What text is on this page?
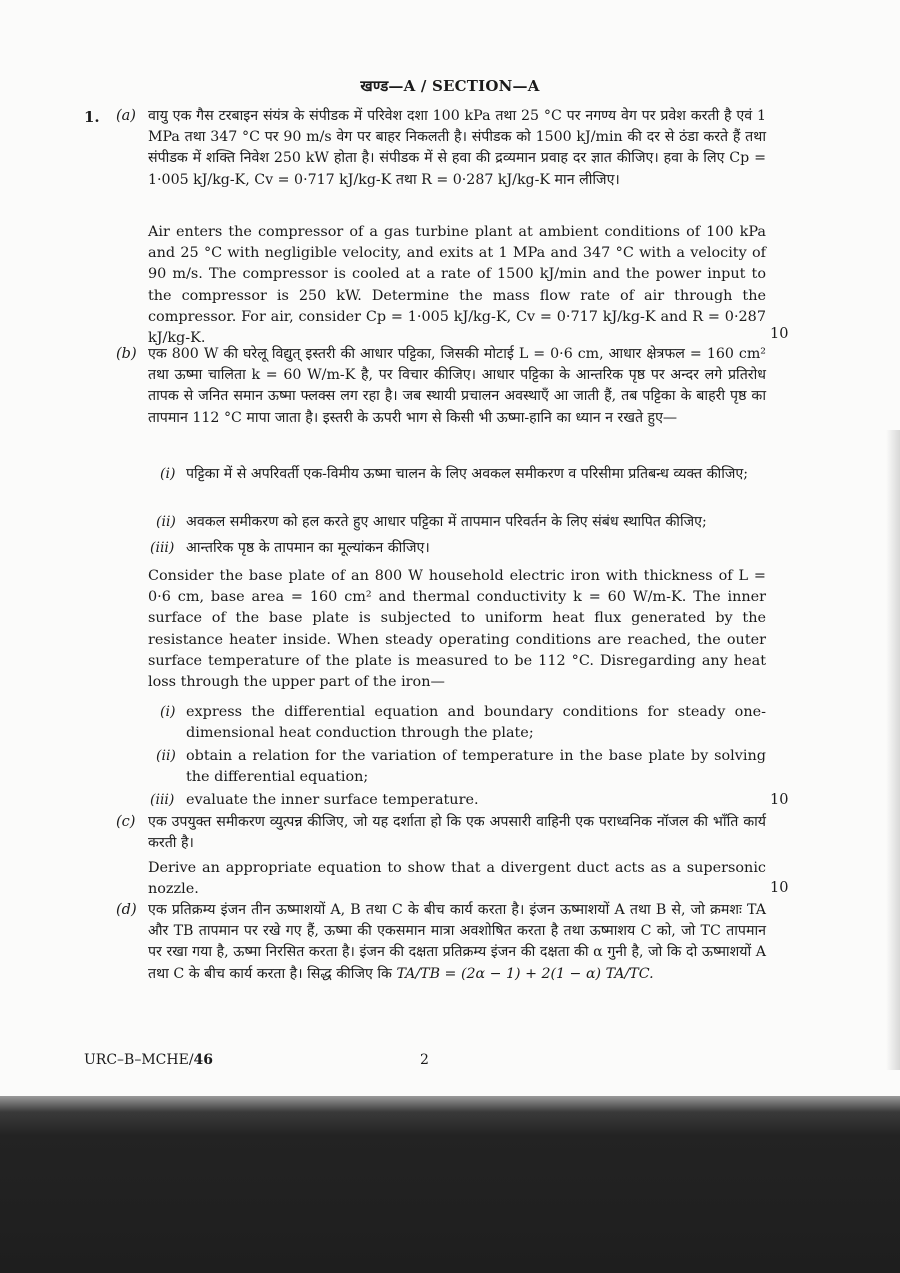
खण्ड—A / SECTION—A
1. (a) वायु एक गैस टरबाइन संयंत्र के संपीडक में परिवेश दशा 100 kPa तथा 25 °C पर नगण्य वेग पर प्रवेश करती है एवं 1 MPa तथा 347 °C पर 90 m/s वेग पर बाहर निकलती है। संपीडक को 1500 kJ/min की दर से ठंडा करते हैं तथा संपीडक में शक्ति निवेश 250 kW होता है। संपीडक में से हवा की द्रव्यमान प्रवाह दर ज्ञात कीजिए। हवा के लिए Cp = 1·005 kJ/kg-K, Cv = 0·717 kJ/kg-K तथा R = 0·287 kJ/kg-K मान लीजिए।
Air enters the compressor of a gas turbine plant at ambient conditions of 100 kPa and 25 °C with negligible velocity, and exits at 1 MPa and 347 °C with a velocity of 90 m/s. The compressor is cooled at a rate of 1500 kJ/min and the power input to the compressor is 250 kW. Determine the mass flow rate of air through the compressor. For air, consider Cp = 1·005 kJ/kg-K, Cv = 0·717 kJ/kg-K and R = 0·287 kJ/kg-K.	10
(b) एक 800 W की घरेलू विद्युत् इस्तरी की आधार पट्टिका, जिसकी मोटाई L = 0·6 cm, आधार क्षेत्रफल = 160 cm² तथा ऊष्मा चालिता k = 60 W/m-K है, पर विचार कीजिए। आधार पट्टिका के आन्तरिक पृष्ठ पर अन्दर लगे प्रतिरोध तापक से जनित समान ऊष्मा फ्लक्स लग रहा है। जब स्थायी प्रचालन अवस्थाएँ आ जाती हैं, तब पट्टिका के बाहरी पृष्ठ का तापमान 112 °C मापा जाता है। इस्तरी के ऊपरी भाग से किसी भी ऊष्मा-हानि का ध्यान न रखते हुए—
(i) पट्टिका में से अपरिवर्ती एक-विमीय ऊष्मा चालन के लिए अवकल समीकरण व परिसीमा प्रतिबन्ध व्यक्त कीजिए;
(ii) अवकल समीकरण को हल करते हुए आधार पट्टिका में तापमान परिवर्तन के लिए संबंध स्थापित कीजिए;
(iii) आन्तरिक पृष्ठ के तापमान का मूल्यांकन कीजिए।
Consider the base plate of an 800 W household electric iron with thickness of L = 0·6 cm, base area = 160 cm² and thermal conductivity k = 60 W/m-K. The inner surface of the base plate is subjected to uniform heat flux generated by the resistance heater inside. When steady operating conditions are reached, the outer surface temperature of the plate is measured to be 112 °C. Disregarding any heat loss through the upper part of the iron—
(i) express the differential equation and boundary conditions for steady one-dimensional heat conduction through the plate;
(ii) obtain a relation for the variation of temperature in the base plate by solving the differential equation;
(iii) evaluate the inner surface temperature.	10
(c) एक उपयुक्त समीकरण व्युत्पन्न कीजिए, जो यह दर्शाता हो कि एक अपसारी वाहिनी एक पराध्वनिक नॉजल की भाँति कार्य करती है।
Derive an appropriate equation to show that a divergent duct acts as a supersonic nozzle.	10
(d) एक प्रतिक्रम्य इंजन तीन ऊष्माशयों A, B तथा C के बीच कार्य करता है। इंजन ऊष्माशयों A तथा B से, जो क्रमशः TA और TB तापमान पर रखे गए हैं, ऊष्मा की एकसमान मात्रा अवशोषित करता है तथा ऊष्माशय C को, जो TC तापमान पर रखा गया है, ऊष्मा निरसित करता है। इंजन की दक्षता प्रतिक्रम्य इंजन की दक्षता की α गुनी है, जो कि दो ऊष्माशयों A तथा C के बीच कार्य करता है। सिद्ध कीजिए कि TA/TB = (2α − 1) + 2(1 − α) TA/TC.
URC–B–MCHE/46	2
